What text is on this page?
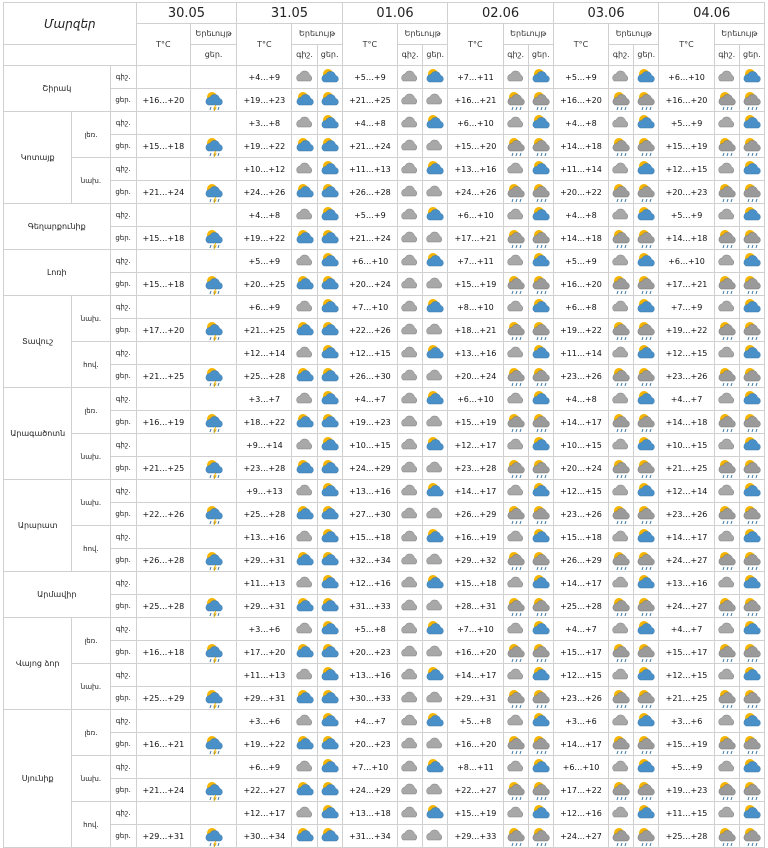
Մարզեր			30.05		31.05			01.06			02.06			03.06			04.06		
			T°C	Երեւույթ	T°C	Երեւույթ		T°C	Երեւույթ		T°C	Երեւույթ		T°C	Երեւույթ		T°C	Երեւույթ	
				ցեր.		գիշ.	ցեր.		գիշ.	ցեր.		գիշ.	ցեր.		գիշ.	ցեր.		գիշ.	ցեր.
Շիրակ		գիշ.			+4…+9			+5…+9			+7…+11			+5…+9			+6…+10	

		ցեր.	+16…+20		+19…+23			+21…+25			+16…+21			+16…+20			+16…+20	

Կոտայք	լեռ.	գիշ.			+3…+8			+4…+8			+6…+10			+4…+8			+5…+9	

		ցեր.	+15…+18		+19…+22			+21…+24			+15…+20			+14…+18			+15…+19	

	նախ.	գիշ.			+10…+12			+11…+13			+13…+16			+11…+14			+12…+15	

		ցեր.	+21…+24		+24…+26			+26…+28			+24…+26			+20…+22			+20…+23	

Գեղարքունիք		գիշ.			+4…+8			+5…+9			+6…+10			+4…+8			+5…+9	

		ցեր.	+15…+18		+19…+22			+21…+24			+17…+21			+14…+18			+14…+18	

Լոռի		գիշ.			+5…+9			+6…+10			+7…+11			+5…+9			+6…+10	

		ցեր.	+15…+18		+20…+25			+20…+24			+15…+19			+16…+20			+17…+21	

Տավուշ	նախ.	գիշ.			+6…+9			+7…+10			+8…+10			+6…+8			+7…+9	

		ցեր.	+17…+20		+21…+25			+22…+26			+18…+21			+19…+22			+19…+22	

	հով.	գիշ.			+12…+14			+12…+15			+13…+16			+11…+14			+12…+15	

		ցեր.	+21…+25		+25…+28			+26…+30			+20…+24			+23…+26			+23…+26	

Արագածոտն	լեռ.	գիշ.			+3…+7			+4…+7			+6…+10			+4…+8			+4…+7	

		ցեր.	+16…+19		+18…+22			+19…+23			+15…+19			+14…+17			+14…+18	

	նախ.	գիշ.			+9…+14			+10…+15			+12…+17			+10…+15			+10…+15	

		ցեր.	+21…+25		+23…+28			+24…+29			+23…+28			+20…+24			+21…+25	

Արարատ	նախ.	գիշ.			+9…+13			+13…+16			+14…+17			+12…+15			+12…+14	

		ցեր.	+22…+26		+25…+28			+27…+30			+26…+29			+23…+26			+23…+26	

	հով.	գիշ.			+13…+16			+15…+18			+16…+19			+15…+18			+14…+17	

		ցեր.	+26…+28		+29…+31			+32…+34			+29…+32			+26…+29			+24…+27	

Արմավիր		գիշ.			+11…+13			+12…+16			+15…+18			+14…+17			+13…+16	

		ցեր.	+25…+28		+29…+31			+31…+33			+28…+31			+25…+28			+24…+27	

Վայոց ձոր	լեռ.	գիշ.			+3…+6			+5…+8			+7…+10			+4…+7			+4…+7	

		ցեր.	+16…+18		+17…+20			+20…+23			+16…+20			+15…+17			+15…+17	

	նախ.	գիշ.			+11…+13			+13…+16			+14…+17			+12…+15			+12…+15	

		ցեր.	+25…+29		+29…+31			+30…+33			+29…+31			+23…+26			+21…+25	

Սյունիք	լեռ.	գիշ.			+3…+6			+4…+7			+5…+8			+3…+6			+3…+6	

		ցեր.	+16…+21		+19…+22			+20…+23			+16…+20			+14…+17			+15…+19	

	նախ.	գիշ.			+6…+9			+7…+10			+8…+11			+6…+10			+5…+9	

		ցեր.	+21…+24		+22…+27			+24…+29			+22…+27			+17…+22			+19…+23	

	հով.	գիշ.			+12…+17			+13…+18			+15…+19			+12…+16			+11…+15	

		ցեր.	+29…+31		+30…+34			+31…+34			+29…+33			+24…+27			+25…+28	
